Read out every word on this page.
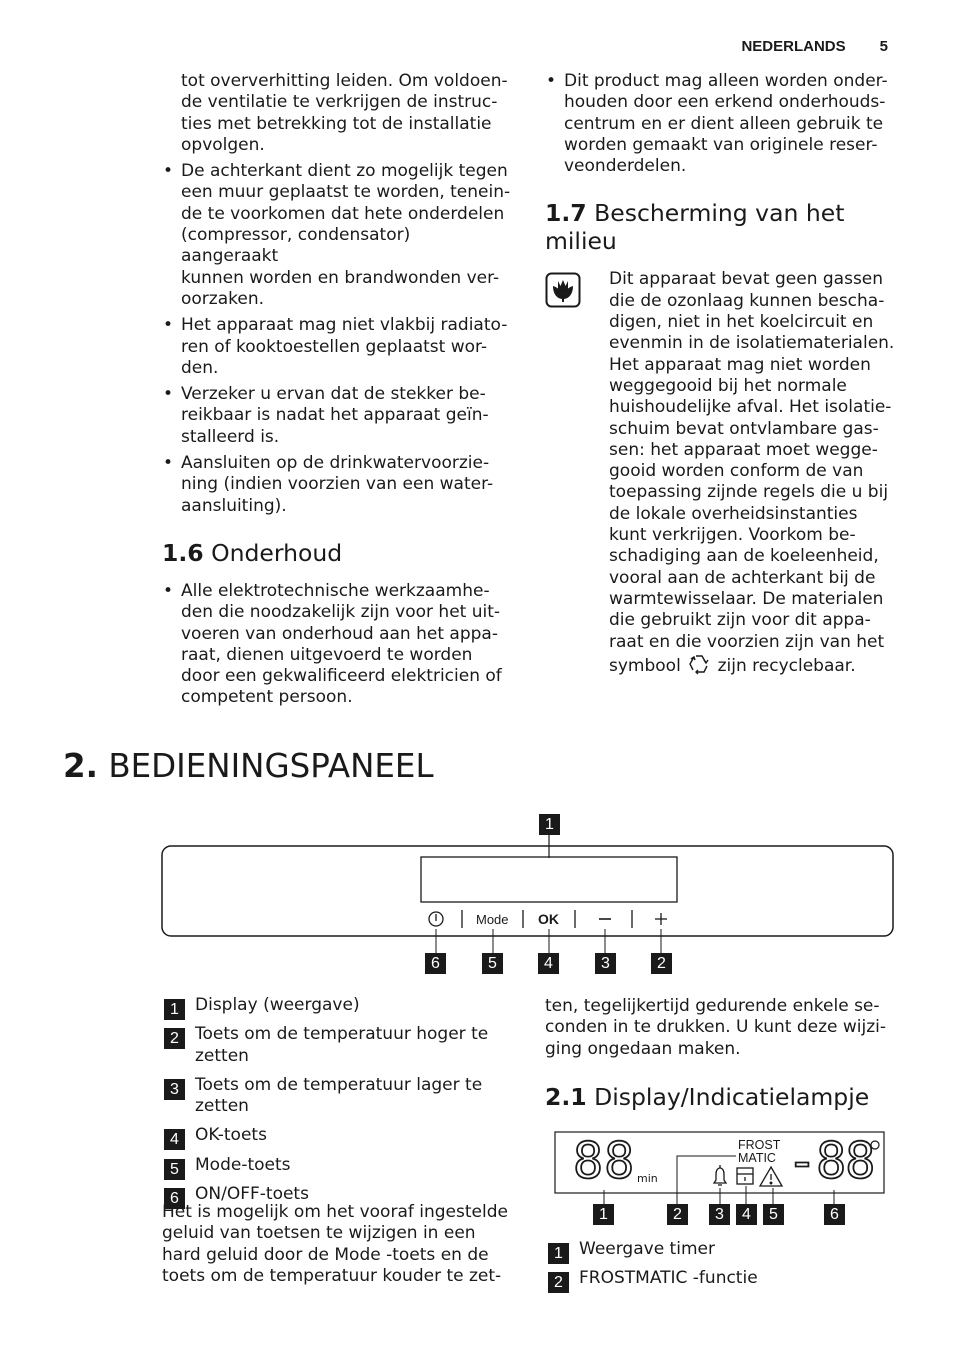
NEDERLANDS 5

tot oververhitting leiden. Om voldoen-
de ventilatie te verkrijgen de instruc-
ties met betrekking tot de installatie
opvolgen.

• De achterkant dient zo mogelijk tegen
een muur geplaatst te worden, tenein-
de te voorkomen dat hete onderdelen
(compressor, condensator) aangeraakt
kunnen worden en brandwonden ver-
oorzaken.
• Het apparaat mag niet vlakbij radiato-
ren of kooktoestellen geplaatst wor-
den.
• Verzeker u ervan dat de stekker be-
reikbaar is nadat het apparaat geïn-
stalleerd is.
• Aansluiten op de drinkwatervoorzie-
ning (indien voorzien van een water-
aansluiting).
1.6 Onderhoud
• Alle elektrotechnische werkzaamhe-
den die noodzakelijk zijn voor het uit-
voeren van onderhoud aan het appa-
raat, dienen uitgevoerd te worden
door een gekwalificeerd elektricien of
competent persoon.
• Dit product mag alleen worden onder-
houden door een erkend onderhouds-
centrum en er dient alleen gebruik te
worden gemaakt van originele reser-
veonderdelen.
1.7 Bescherming van het
milieu

Dit apparaat bevat geen gassen
die de ozonlaag kunnen bescha-
digen, niet in het koelcircuit en
evenmin in de isolatiematerialen.
Het apparaat mag niet worden
weggegooid bij het normale
huishoudelijke afval. Het isolatie-
schuim bevat ontvlambare gas-
sen: het apparaat moet wegge-
gooid worden conform de van
toepassing zijnde regels die u bij
de lokale overheidsinstanties
kunt verkrijgen. Voorkom be-
schadiging aan de koeleenheid,
vooral aan de achterkant bij de
warmtewisselaar. De materialen
die gebruikt zijn voor dit appa-
raat en die voorzien zijn van het

symbool zijn recyclebaar.

2. BEDIENINGSPANEEL
Mode OK
1
6	5	4	3	2
1 Display (weergave)
2 Toets om de temperatuur hoger te
zetten
3 Toets om de temperatuur lager te
zetten
4 OK-toets
5 Mode-toets
6 ON/OFF-toets

Het is mogelijk om het vooraf ingestelde
geluid van toetsen te wijzigen in een
hard geluid door de Mode -toets en de
toets om de temperatuur kouder te zet-

ten, tegelijkertijd gedurende enkele se-
conden in te drukken. U kunt deze wijzi-
ging ongedaan maken.

2.1 Display/Indicatielampje
88 min
FROST
MATIC -88
1	2	3	4	5	6
1 Weergave timer
2 FROSTMATIC -functie
